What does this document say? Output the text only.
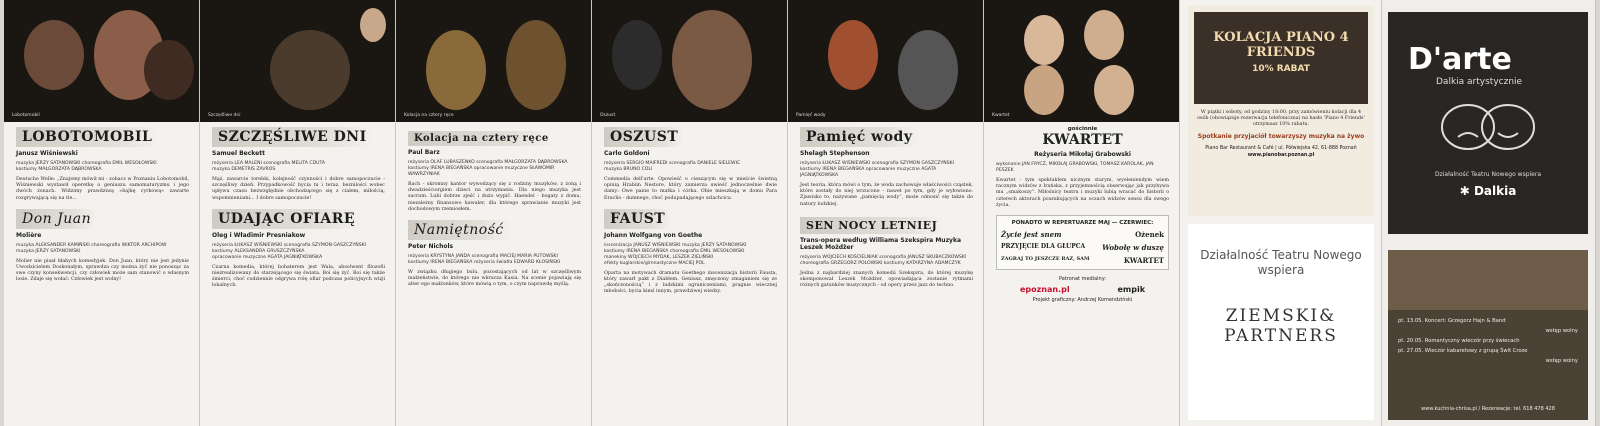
Lobotomobil
LOBOTOMOBIL
Janusz Wiśniewski
muzyka JERZY SATANOWSKI choreografia EMIL WESOŁOWSKI
kostiumy MAŁGORZATA DĄBROWSKA
Deutsche Welle: „Znajemy mówił mi - zobacz w Poznaniu Lobotomobil, Wiśniewski wystawił operetkę o geniuszu samomaturyzmu i jego dwóch żonach. Widzimy prawdziwą »bajkę cyrkową« zawarte rozgrywającą się na tle...
Don Juan
Molière
muzyka ALEKSANDER KAMIŃSKI choreografia WIKTOR ARCHIPOW
muzyka JERZY SATANOWSKI
Molier nie pisał błahych komedyjek. Don Juan, który nie jest jedynie Uwodzicielem Doskonałym, sprawdza czy można żyć nie ponosząc za swe czyny konsekwencji, czy człowiek może sam stanowić o własnym losie. Zdaje się wołać: Człowiek jest wolny!
Szczęśliwe dni
SZCZĘŚLIWE DNI
Samuel Beckett
reżyseria LEA MALENI scenografia MELITA CDUTA
muzyka DEMETRIS ZAVROS
Mąż, zawarcie torebki, kolejność czynności i dobre samopoczucie - szczęśliwy dzień. Przypadkowość bycia tu i teraz, beznilości wobec upływu czasu bezwzględnie obchodzącego się z ciałem, miłością, wspomnieniami... I dobre samopoczucie!
UDAJĄC OFIARĘ
Oleg i Władimir Presniakow
reżyseria ŁUKASZ WIŚNIEWSKI scenografia SZYMON GASZCZYŃSKI
kostiumy ALEKSANDRA GRUSZCZYŃSKA
opracowanie muzyczne AGATA JAGNIĄTKOWSKA
Czarna komedia, której bohaterem jest Wala, absolwent filozofii niezrealizowany do starzejącego się świata. Boi się żyć. Boi się także śmierci, choć codziennie odgrywa rolę ofiar podczas policyjnych wizji lokalnych.
Kolacja na cztery ręce
Kolacja na cztery ręce
Paul Barz
reżyseria OLAF LUBASZENKO scenografia MAŁGORZATA DĄBROWSKA
kostiumy IRENA BIEGAŃSKA opracowanie muzyczne SŁAWOMIR WAWRZYNIAK
Bach - skromny kantor wywodzący się z rodziny muzyków, z żoną i dwadzieściorgiem dzieci na utrzymaniu. Dla niego muzyka jest sacrum. Lubi dobrze zjeść i dużo wypić. Haendel - bogaty z domu, niezależny finansowo kawaler, dla którego sprawianie muzyki jest dochodowym rzemiosłem.
Namiętność
Peter Nichols
reżyseria KRYSTYNA JANDA scenografia MACIEJ MARIA PUTOWSKI
kostiumy IRENA BIEGAŃSKA reżyseria światła EDWARD KŁOSIŃSKI
W związku długiego bulu, pozostających od lat w szczęśliwym małżeństwie, do którego nie wkracza Kasia. Na scenie pojawiają się alter ego małżonków, które mówią o tym, o czym naprawdę myślą.
Oszust
OSZUST
Carlo Goldoni
reżyseria SERGIO MAIFREDI scenografia DANIELE SIELEWIC
muzyka BRUNO COLI
Commedia dell'arte. Opowieść o cieszącym się w mieście świetną opinią Hrabim Nestore, który zamierza uwieść jednocześnie dwie damy: Owe panie to matka i córka. Obie mieszkają w domu Para Eraclio - dumnego, choć podupadającego szlachcica.
FAUST
Johann Wolfgang von Goethe
inscenizacja JANUSZ WIŚNIEWSKI muzyka JERZY SATANOWSKI
kostiumy IRENA BIEGAŃSKA choreografia EMIL WESOŁOWSKI
manekiny WOJCIECH MYDAK, LESZEK ZIELIŃSKI
efekty kuglarskie/gimnastyczne MACIEJ POL
Oparta na motywach dramatu Goethego inscenizacja historii Fausta, który zawarł pakt z Diabłem. Geniusz, zmęczony zmaganiem się ze „skończonością” i z ludzkimi ograniczeniami, pragnie wiecznej młodości, bycia kimś innym, prawdziwej wiedzy.
Pamięć wody
Pamięć wody
Shelagh Stephenson
reżyseria ŁUKASZ WIŚNIEWSKI scenografia SZYMON GASZCZYŃSKI
kostiumy IRENA BIEGAŃSKA opracowanie muzyczne AGATA JAGNIĄTKOWSKA
Jest teoria, która mówi o tym, że woda zachowuje właściwości cząstek, które zostały do niej wrzucone - nawet po tym, gdy je wyłowiono. Zjawisko to, nazywane „pamięcią wody”, może odnosić się także do natury ludzkiej.
SEN NOCY LETNIEJ
Trans-opera według Williama Szekspira Muzyka Leszek Możdżer
reżyseria WOJCIECH KOŚCIELNIAK scenografia JANUSZ SKUBACZKOWSKI
choreografia GRZEGORZ POLOWSKI kostiumy KATARZYNA ADAMCZYK
Jedna z najbardziej znanych komedii Szekspira, do której muzykę skomponował Leszek Możdżer, opowiadająca zostanie rytmami różnych gatunków muzycznych - od opery przez jazz do techno.
Kwartet
gościnnie
KWARTET
Reżyseria Mikołaj Grabowski
wykonanie JAN FRYCZ, MIKOŁAJ GRABOWSKI, TOMASZ KAROLAK, JAN PESZEK
Kwartet - tym spektaklem nicznym starym, wyeleniendym wiem racznym widzów z Irańska, z przyjemnością obserwując jak przybywa mu „smakoszy”. Miłośnicy teatru i muzyki lubią wracać do historii o czterech aktorach poszukujących na oczach widzów sensu dla swego życia.
PONADTO W REPERTUARZE MAJ — CZERWIEC:
Życie jest snem	Ożenek
PRZYJĘCIE DLA GŁUPCA Wobołę w duszę
ZAGRAJ TO JESZCZE RAZ, SAM	KWARTET
Patronat medialny:
epoznan.pl	empik
Projekt graficzny: Andrzej Komendziński
KOLACJA PIANO 4 FRIENDS
10% RABAT
W piątki i soboty, od godziny 18:00, przy zamówieniu kolacji dla 4 osób (obowiązuje rezerwacja telefoniczna) na hasło 'Piano 4 Friends' otrzymasz 10% rabatu.
Spotkanie przyjaciół towarzyszy muzyka na żywo
Piano Bar Restaurant & Café | ul. Półwiejska 42, 61-888 Poznań
www.pianobar.poznan.pl
Działalność Teatru Nowego wspiera
ZIEMSKI&
PARTNERS
D'arte
Dalkia artystycznie
Działalność Teatru Nowego wspiera
✱ Dalkia
pt. 13.05. Koncert: Grzegorz Hajn & Band
wstęp wolny
pt. 20.05. Romantyczny wieczór przy świecach
pt. 27.05. Wieczór kabaretowy z grupą Świt Croze
wstęp wolny
www.kuchnia-chrisa.pl / Rezerwacje: tel. 618 478 428
